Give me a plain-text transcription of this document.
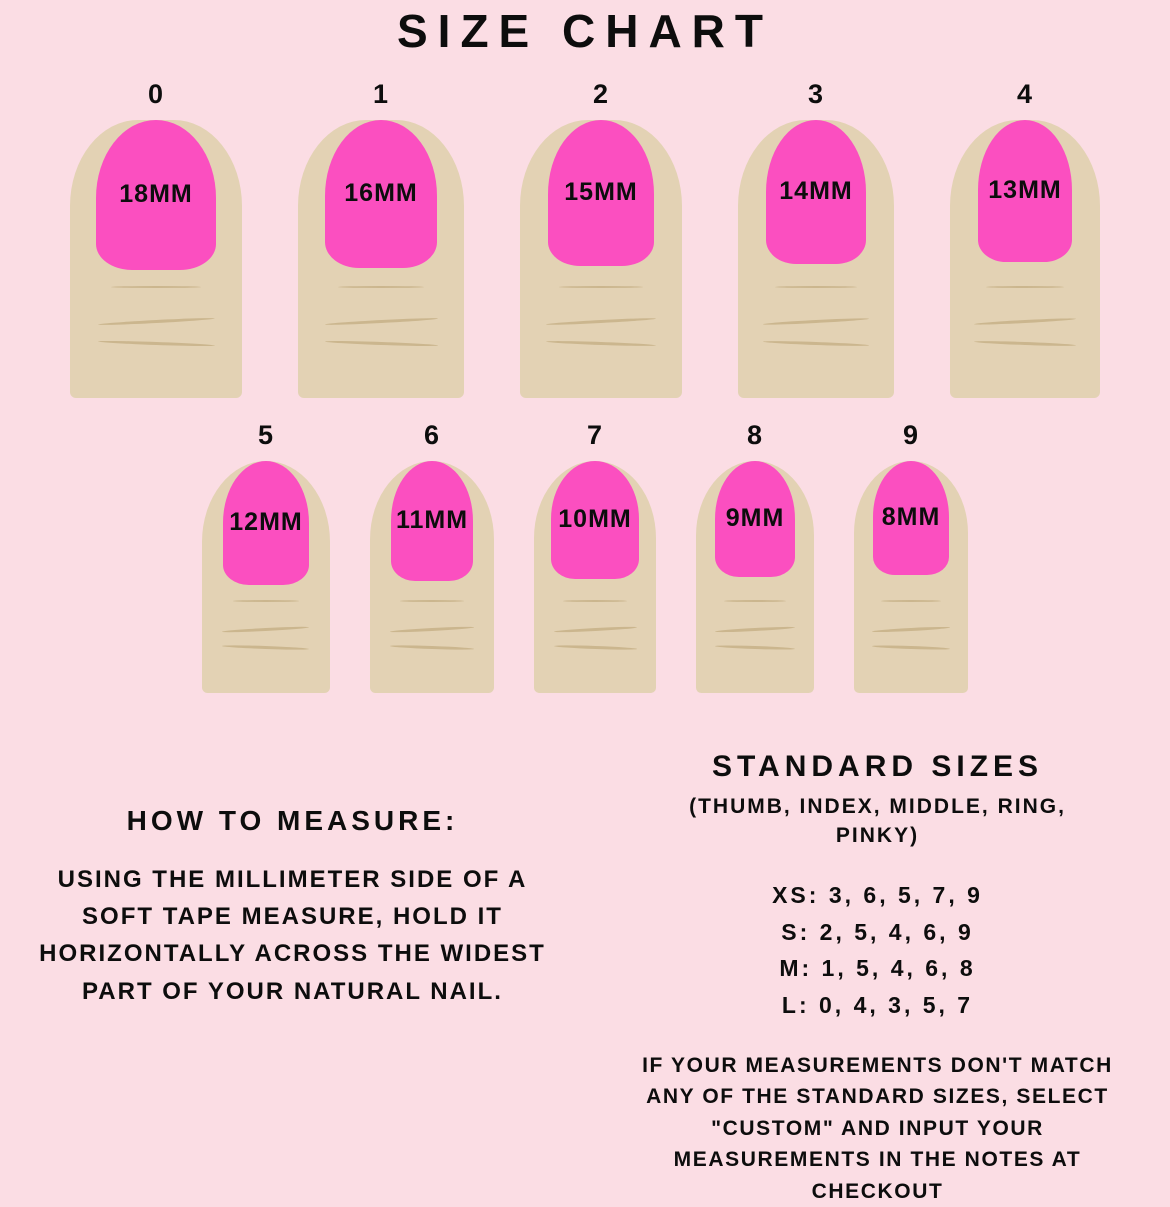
SIZE CHART
0
18MM
1
16MM
2
15MM
3
14MM
4
13MM
5
12MM
6
11MM
7
10MM
8
9MM
9
8MM
HOW TO MEASURE:
USING THE MILLIMETER SIDE OF A SOFT TAPE MEASURE, HOLD IT HORIZONTALLY ACROSS THE WIDEST PART OF YOUR NATURAL NAIL.
STANDARD SIZES
(THUMB, INDEX, MIDDLE, RING, PINKY)
XS: 3, 6, 5, 7, 9
S: 2, 5, 4, 6, 9
M: 1, 5, 4, 6, 8
L: 0, 4, 3, 5, 7
IF YOUR MEASUREMENTS DON'T MATCH ANY OF THE STANDARD SIZES, SELECT "CUSTOM" AND INPUT YOUR MEASUREMENTS IN THE NOTES AT CHECKOUT
